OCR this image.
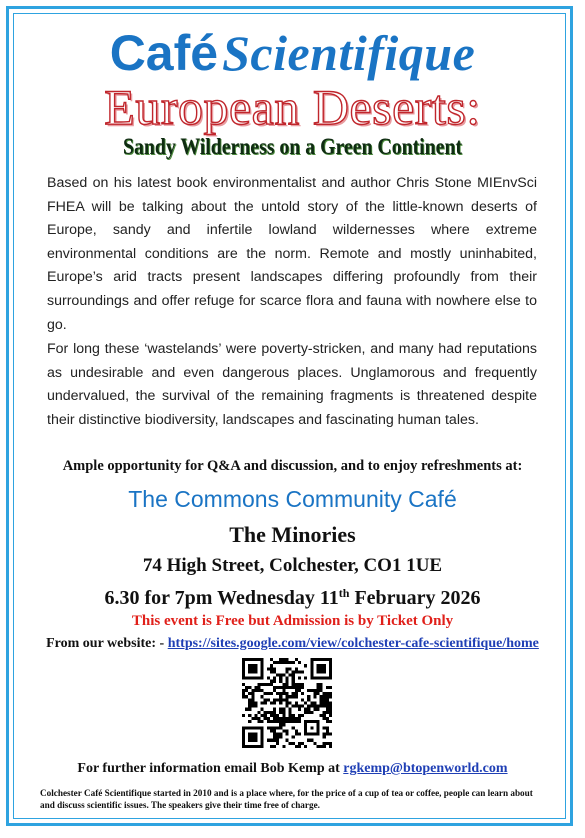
CaféScientifique
European Deserts:
Sandy Wilderness on a Green Continent

Based on his latest book environmentalist and author Chris Stone MIEnvSci FHEA will be talking about the untold story of the little-known deserts of Europe, sandy and infertile lowland wildernesses where extreme environmental conditions are the norm. Remote and mostly uninhabited, Europe’s arid tracts present landscapes differing profoundly from their surroundings and offer refuge for scarce flora and fauna with nowhere else to go.

For long these ‘wastelands’ were poverty-stricken, and many had reputations as undesirable and even dangerous places. Unglamorous and frequently undervalued, the survival of the remaining fragments is threatened despite their distinctive biodiversity, landscapes and fascinating human tales.

Ample opportunity for Q&A and discussion, and to enjoy refreshments at:
The Commons Community Café
The Minories
74 High Street, Colchester, CO1 1UE
6.30 for 7pm Wednesday 11th February 2026
This event is Free but Admission is by Ticket Only
From our website: - https://sites.google.com/view/colchester-cafe-scientifique/home
For further information email Bob Kemp at rgkemp@btopenworld.com
Colchester Café Scientifique started in 2010 and is a place where, for the price of a cup of tea or coffee, people can learn about and discuss scientific issues. The speakers give their time free of charge.
